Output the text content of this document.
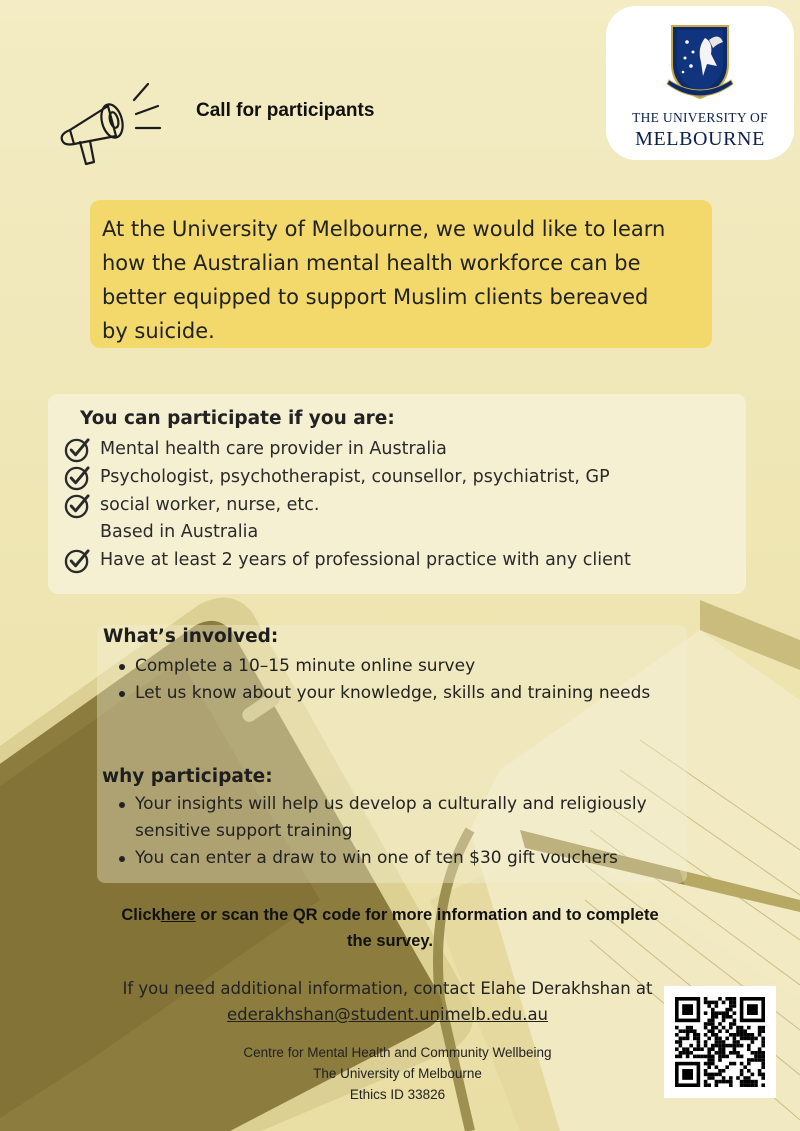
Call for participants	THE UNIVERSITY OF
MELBOURNE
At the University of Melbourne, we would like to learn
how the Australian mental health workforce can be
better equipped to support Muslim clients bereaved
by suicide.
You can participate if you are:
Mental health care provider in Australia
Psychologist, psychotherapist, counsellor, psychiatrist, GP
social worker, nurse, etc.
Based in Australia
Have at least 2 years of professional practice with any client
What’s involved:
Complete a 10–15 minute online survey
Let us know about your knowledge, skills and training needs
why participate:
Your insights will help us develop a culturally and religiously sensitive support training
You can enter a draw to win one of ten $30 gift vouchers
Clickhere or scan the QR code for more information and to complete the survey.
If you need additional information, contact Elahe Derakhshan at ederakhshan@student.unimelb.edu.au
Centre for Mental Health and Community Wellbeing
The University of Melbourne
Ethics ID 33826
